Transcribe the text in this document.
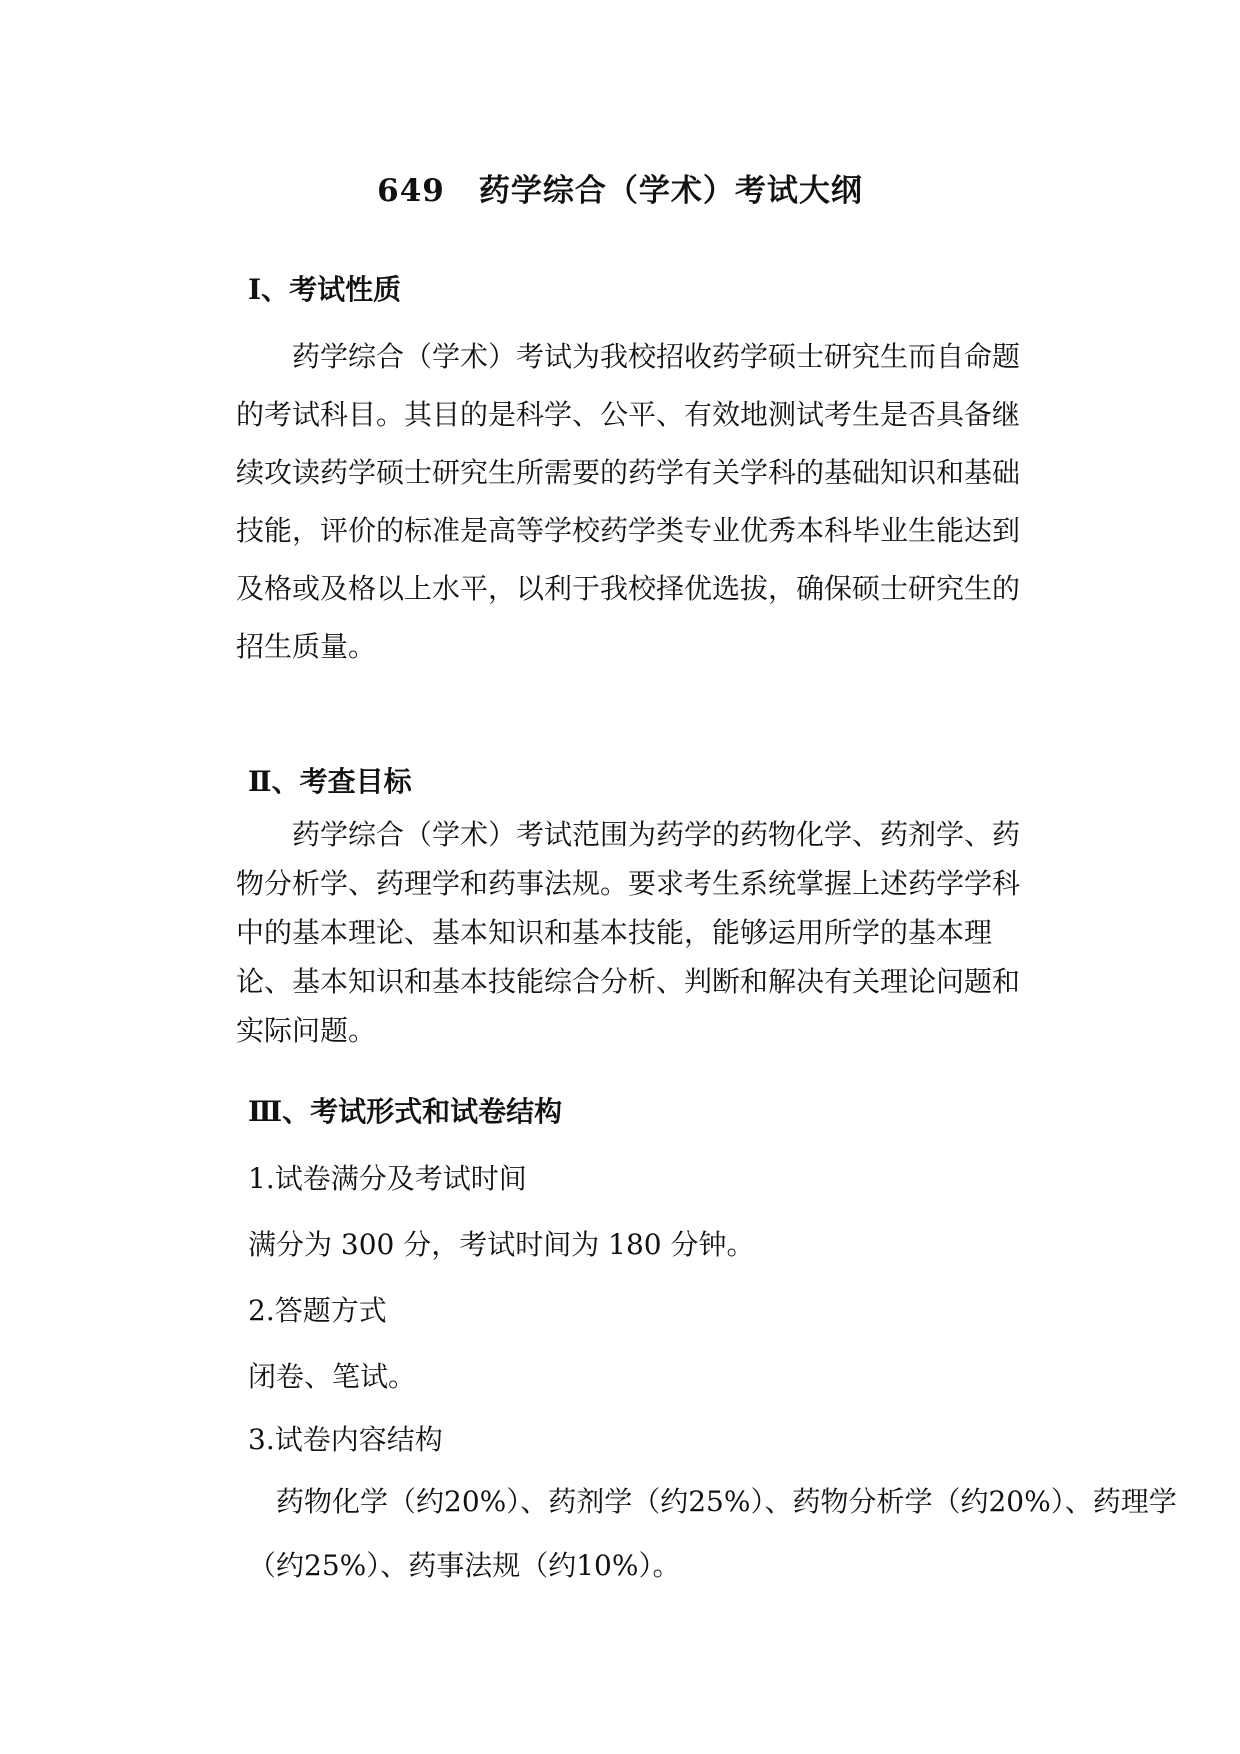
649 药学综合（学术）考试大纲
Ⅰ、考试性质
　　药学综合（学术）考试为我校招收药学硕士研究生而自命题
的考试科目。其目的是科学、公平、有效地测试考生是否具备继
续攻读药学硕士研究生所需要的药学有关学科的基础知识和基础
技能，评价的标准是高等学校药学类专业优秀本科毕业生能达到
及格或及格以上水平，以利于我校择优选拔，确保硕士研究生的
招生质量。
Ⅱ、考查目标
　　药学综合（学术）考试范围为药学的药物化学、药剂学、药
物分析学、药理学和药事法规。要求考生系统掌握上述药学学科
中的基本理论、基本知识和基本技能，能够运用所学的基本理
论、基本知识和基本技能综合分析、判断和解决有关理论问题和
实际问题。
Ⅲ、考试形式和试卷结构
1.试卷满分及考试时间
满分为 300 分，考试时间为 180 分钟。
2.答题方式
闭卷、笔试。
3.试卷内容结构
　药物化学（约20%）、药剂学（约25%）、药物分析学（约20%）、药理学
（约25%）、药事法规（约10%）。
